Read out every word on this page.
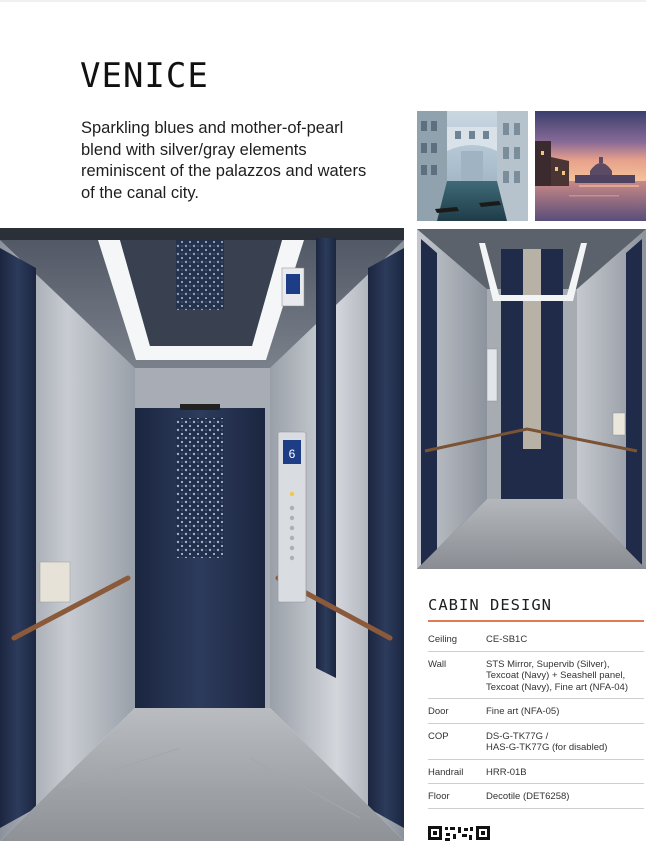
VENICE

Sparkling blues and mother-of-pearl blend with silver/gray elements reminiscent of the palazzos and waters of the canal city.

6
CABIN DESIGN
Ceiling	CE-SB1C
Wall	STS Mirror, Supervib (Silver),
Texcoat (Navy) + Seashell panel,
Texcoat (Navy), Fine art (NFA-04)
Door	Fine art (NFA-05)
COP	DS-G-TK77G /
HAS-G-TK77G (for disabled)
Handrail	HRR-01B
Floor	Decotile (DET6258)
